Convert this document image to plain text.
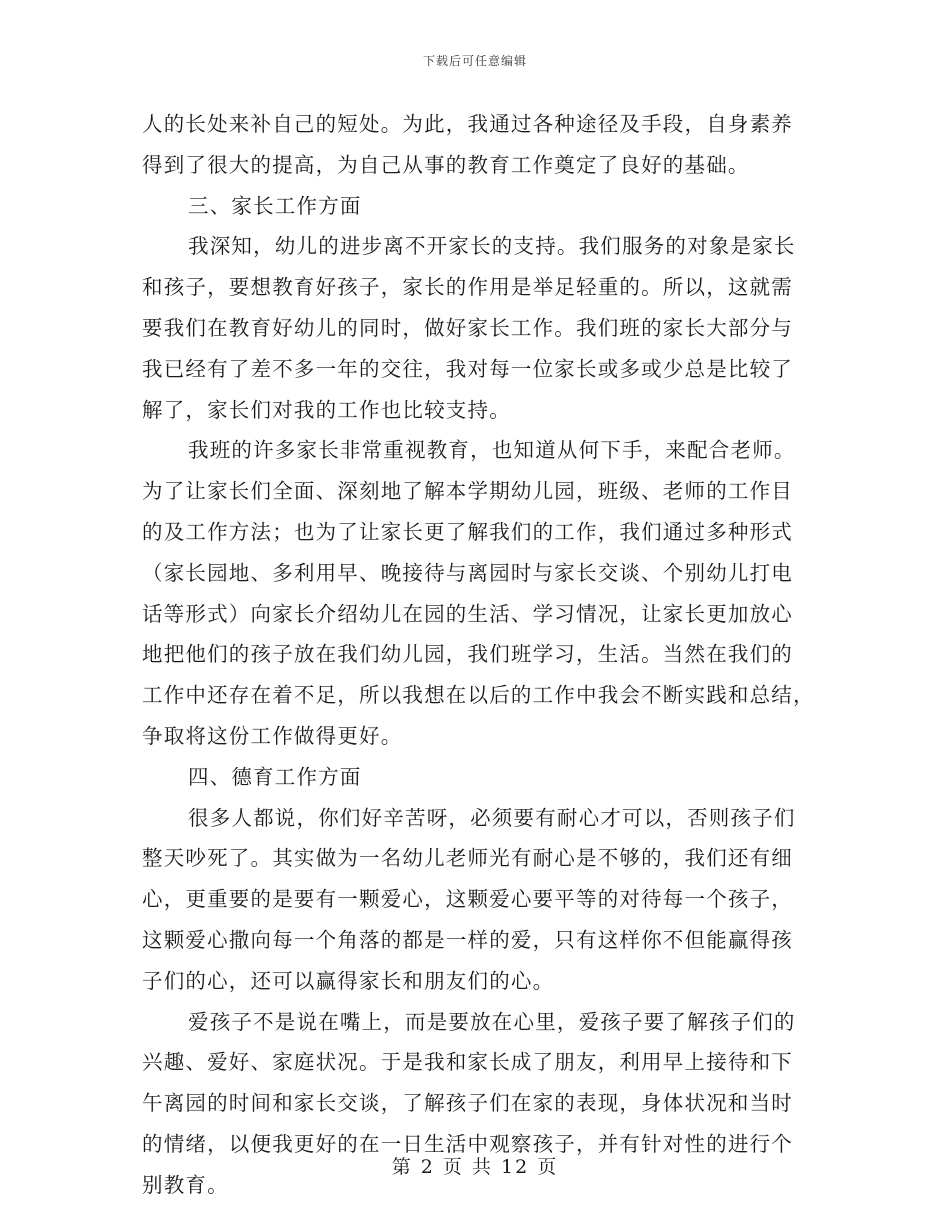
下载后可任意编辑
人的长处来补自己的短处。为此，我通过各种途径及手段，自身素养
得到了很大的提高，为自己从事的教育工作奠定了良好的基础。
三、家长工作方面
我深知，幼儿的进步离不开家长的支持。我们服务的对象是家长
和孩子，要想教育好孩子，家长的作用是举足轻重的。所以，这就需
要我们在教育好幼儿的同时，做好家长工作。我们班的家长大部分与
我已经有了差不多一年的交往，我对每一位家长或多或少总是比较了
解了，家长们对我的工作也比较支持。
我班的许多家长非常重视教育，也知道从何下手，来配合老师。
为了让家长们全面、深刻地了解本学期幼儿园，班级、老师的工作目
的及工作方法；也为了让家长更了解我们的工作，我们通过多种形式
（家长园地、多利用早、晚接待与离园时与家长交谈、个别幼儿打电
话等形式）向家长介绍幼儿在园的生活、学习情况，让家长更加放心
地把他们的孩子放在我们幼儿园，我们班学习，生活。当然在我们的
工作中还存在着不足，所以我想在以后的工作中我会不断实践和总结，
争取将这份工作做得更好。
四、德育工作方面
很多人都说，你们好辛苦呀，必须要有耐心才可以，否则孩子们
整天吵死了。其实做为一名幼儿老师光有耐心是不够的，我们还有细
心，更重要的是要有一颗爱心，这颗爱心要平等的对待每一个孩子，
这颗爱心撒向每一个角落的都是一样的爱，只有这样你不但能赢得孩
子们的心，还可以赢得家长和朋友们的心。
爱孩子不是说在嘴上，而是要放在心里，爱孩子要了解孩子们的
兴趣、爱好、家庭状况。于是我和家长成了朋友，利用早上接待和下
午离园的时间和家长交谈，了解孩子们在家的表现，身体状况和当时
的情绪，以便我更好的在一日生活中观察孩子，并有针对性的进行个
别教育。
第 2 页 共 12 页
